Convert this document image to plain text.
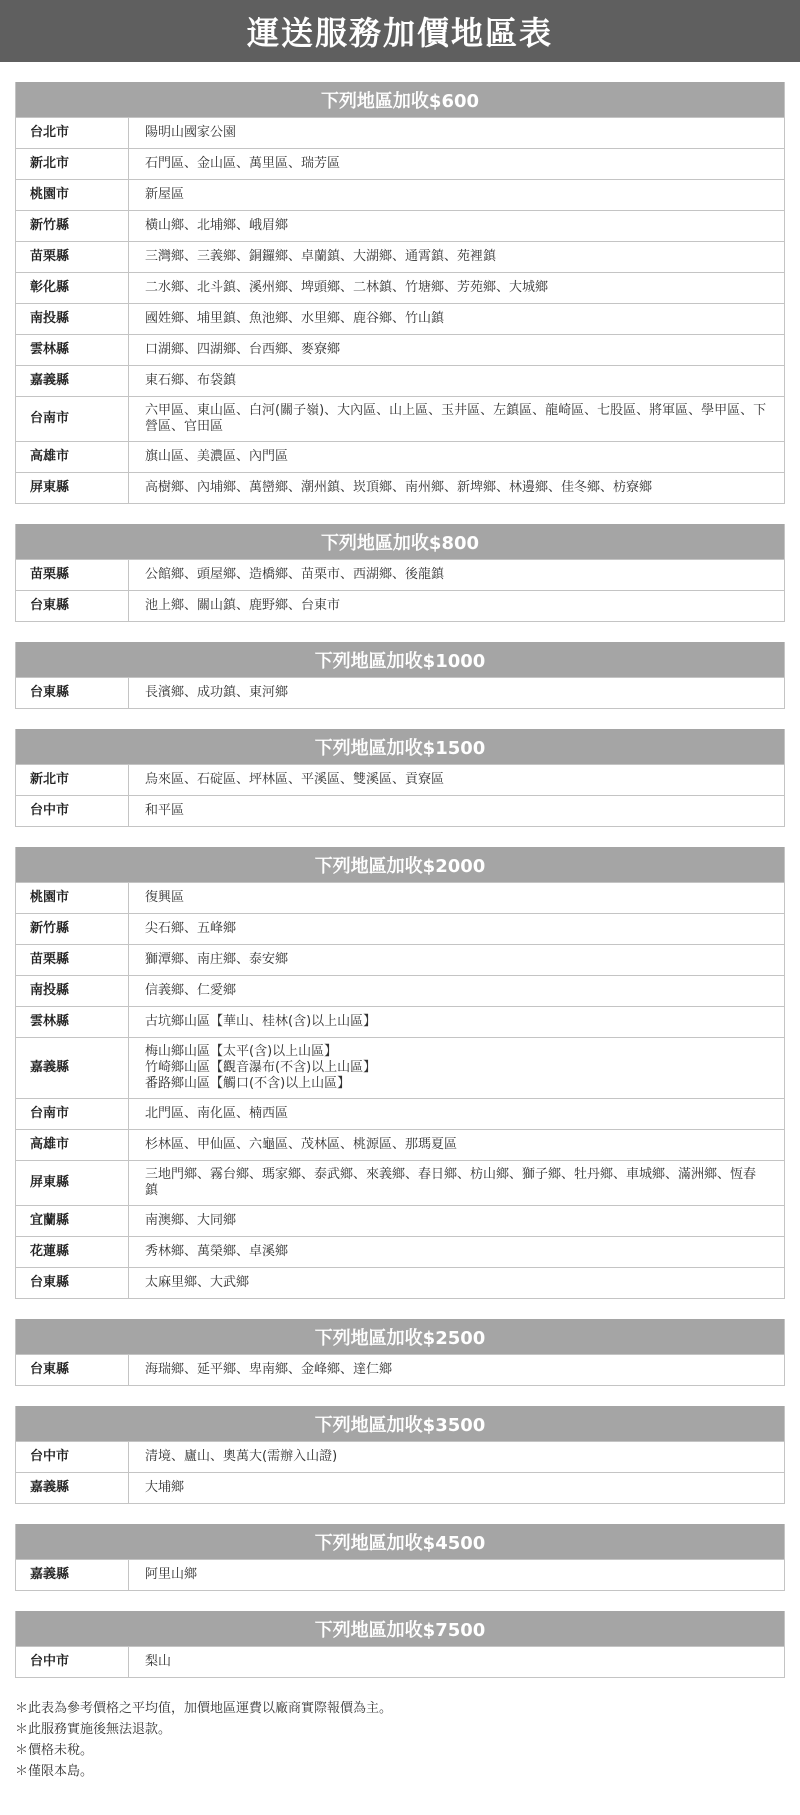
運送服務加價地區表
下列地區加收$600
台北市	陽明山國家公園

新北市	石門區、金山區、萬里區、瑞芳區

桃園市	新屋區

新竹縣	橫山鄉、北埔鄉、峨眉鄉

苗栗縣	三灣鄉、三義鄉、銅鑼鄉、卓蘭鎮、大湖鄉、通霄鎮、苑裡鎮

彰化縣	二水鄉、北斗鎮、溪州鄉、埤頭鄉、二林鎮、竹塘鄉、芳苑鄉、大城鄉

南投縣	國姓鄉、埔里鎮、魚池鄉、水里鄉、鹿谷鄉、竹山鎮

雲林縣	口湖鄉、四湖鄉、台西鄉、麥寮鄉

嘉義縣	東石鄉、布袋鎮

台南市	六甲區、東山區、白河(關子嶺)、大內區、山上區、玉井區、左鎮區、龍崎區、七股區、將軍區、學甲區、下營區、官田區

高雄市	旗山區、美濃區、內門區

屏東縣	高樹鄉、內埔鄉、萬巒鄉、潮州鎮、崁頂鄉、南州鄉、新埤鄉、林邊鄉、佳冬鄉、枋寮鄉
下列地區加收$800
苗栗縣	公館鄉、頭屋鄉、造橋鄉、苗栗市、西湖鄉、後龍鎮

台東縣	池上鄉、關山鎮、鹿野鄉、台東市
下列地區加收$1000
台東縣	長濱鄉、成功鎮、東河鄉
下列地區加收$1500
新北市	烏來區、石碇區、坪林區、平溪區、雙溪區、貢寮區

台中市	和平區
下列地區加收$2000
桃園市	復興區

新竹縣	尖石鄉、五峰鄉

苗栗縣	獅潭鄉、南庄鄉、泰安鄉

南投縣	信義鄉、仁愛鄉

雲林縣	古坑鄉山區【華山、桂林(含)以上山區】

嘉義縣	梅山鄉山區【太平(含)以上山區】
竹崎鄉山區【觀音瀑布(不含)以上山區】
番路鄉山區【觸口(不含)以上山區】

台南市	北門區、南化區、楠西區

高雄市	杉林區、甲仙區、六龜區、茂林區、桃源區、那瑪夏區

屏東縣	三地門鄉、霧台鄉、瑪家鄉、泰武鄉、來義鄉、春日鄉、枋山鄉、獅子鄉、牡丹鄉、車城鄉、滿洲鄉、恆春鎮

宜蘭縣	南澳鄉、大同鄉

花蓮縣	秀林鄉、萬榮鄉、卓溪鄉

台東縣	太麻里鄉、大武鄉
下列地區加收$2500
台東縣	海瑞鄉、延平鄉、卑南鄉、金峰鄉、達仁鄉
下列地區加收$3500
台中市	清境、廬山、奧萬大(需辦入山證)

嘉義縣	大埔鄉
下列地區加收$4500
嘉義縣	阿里山鄉
下列地區加收$7500
台中市	梨山
＊此表為參考價格之平均值，加價地區運費以廠商實際報價為主。
＊此服務實施後無法退款。
＊價格未稅。
＊僅限本島。
